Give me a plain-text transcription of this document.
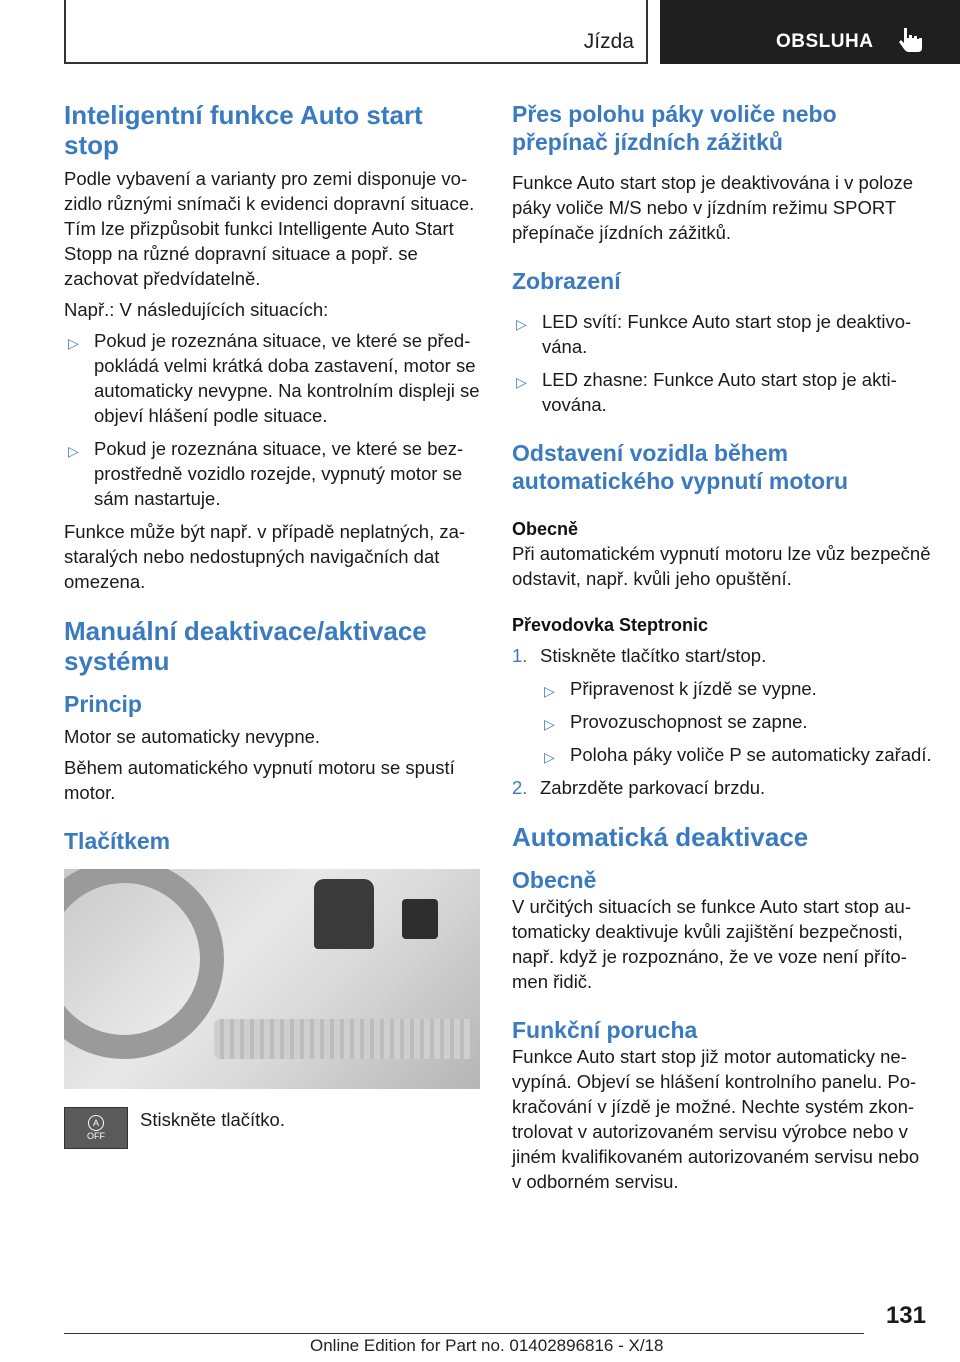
Jízda	OBSLUHA
Inteligentní funkce Auto start stop

Podle vybavení a varianty pro zemi disponuje vozidlo různými snímači k evidenci dopravní situace. Tím lze přizpůsobit funkci Intelligente Auto Start Stopp na různé dopravní situace a popř. se zachovat předvídatelně.

Např.: V následujících situacích:

▷ Pokud je rozeznána situace, ve které se předpokládá velmi krátká doba zastavení, motor se automaticky nevypne. Na kontrolním displeji se objeví hlášení podle situace.
▷ Pokud je rozeznána situace, ve které se bezprostředně vozidlo rozejde, vypnutý motor se sám nastartuje.

Funkce může být např. v případě neplatných, zastaralých nebo nedostupných navigačních dat omezena.

Manuální deaktivace/aktivace systému
Princip

Motor se automaticky nevypne.

Během automatického vypnutí motoru se spustí motor.

Tlačítkem
A
OFF

Stiskněte tlačítko.

Přes polohu páky voliče nebo přepínač jízdních zážitků

Funkce Auto start stop je deaktivována i v poloze páky voliče M/S nebo v jízdním režimu SPORT přepínače jízdních zážitků.

Zobrazení
▷ LED svítí: Funkce Auto start stop je deaktivována.
▷ LED zhasne: Funkce Auto start stop je aktivována.
Odstavení vozidla během automatického vypnutí motoru
Obecně

Při automatickém vypnutí motoru lze vůz bezpečně odstavit, např. kvůli jeho opuštění.

Převodovka Steptronic
1. Stiskněte tlačítko start/stop.
▷ Připravenost k jízdě se vypne.
▷ Provozuschopnost se zapne.
▷ Poloha páky voliče P se automaticky zařadí.
2. Zabrzděte parkovací brzdu.
Automatická deaktivace
Obecně

V určitých situacích se funkce Auto start stop automaticky deaktivuje kvůli zajištění bezpečnosti, např. když je rozpoznáno, že ve voze není přítomen řidič.

Funkční porucha

Funkce Auto start stop již motor automaticky nevypíná. Objeví se hlášení kontrolního panelu. Pokračování v jízdě je možné. Nechte systém zkontrolovat v autorizovaném servisu výrobce nebo v jiném kvalifikovaném autorizovaném servisu nebo v odborném servisu.

131
Online Edition for Part no. 01402896816 - X/18
